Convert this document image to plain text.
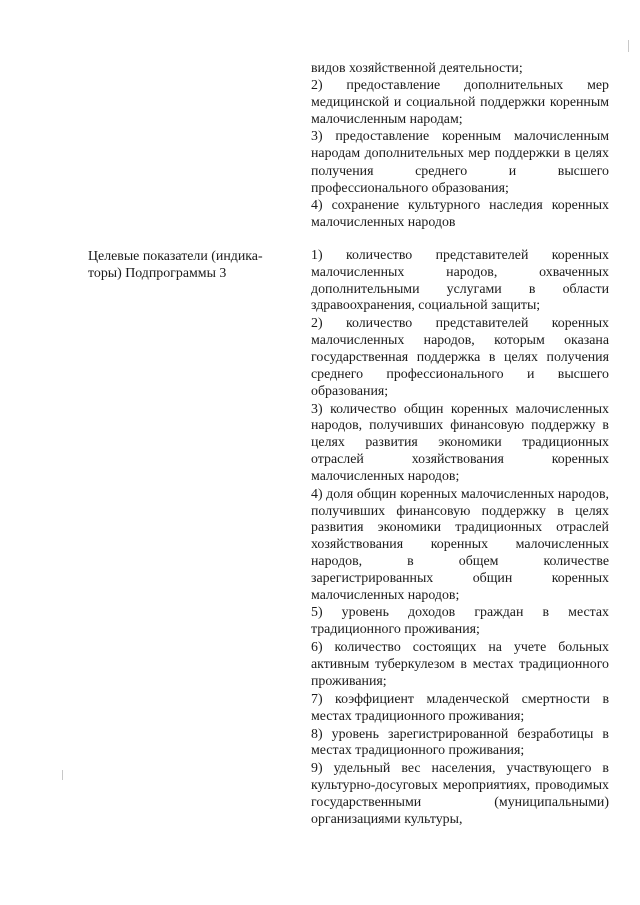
видов хозяйственной деятельности;

2) предоставление дополнительных мер медицинской и социальной поддержки коренным малочисленным народам;

3) предоставление коренным малочисленным народам дополнительных мер поддержки в целях получения среднего и высшего профессионального образования;

4) сохранение культурного наследия коренных малочисленных народов

Целевые показатели (индика-торы) Подпрограммы 3

1) количество представителей коренных малочисленных народов, охваченных дополнительными услугами в области здравоохранения, социальной защиты;

2) количество представителей коренных малочисленных народов, которым оказана государственная поддержка в целях получения среднего профессионального и высшего образования;

3) количество общин коренных малочисленных народов, получивших финансовую поддержку в целях развития экономики традиционных отраслей хозяйствования коренных малочисленных народов;

4) доля общин коренных малочисленных народов, получивших финансовую поддержку в целях развития экономики традиционных отраслей хозяйствования коренных малочисленных народов, в общем количестве зарегистрированных общин коренных малочисленных народов;

5) уровень доходов граждан в местах традиционного проживания;

6) количество состоящих на учете больных активным туберкулезом в местах традиционного проживания;

7) коэффициент младенческой смертности в местах традиционного проживания;

8) уровень зарегистрированной безработицы в местах традиционного проживания;

9) удельный вес населения, участвующего в культурно-досуговых мероприятиях, проводимых государственными (муниципальными) организациями культуры,
